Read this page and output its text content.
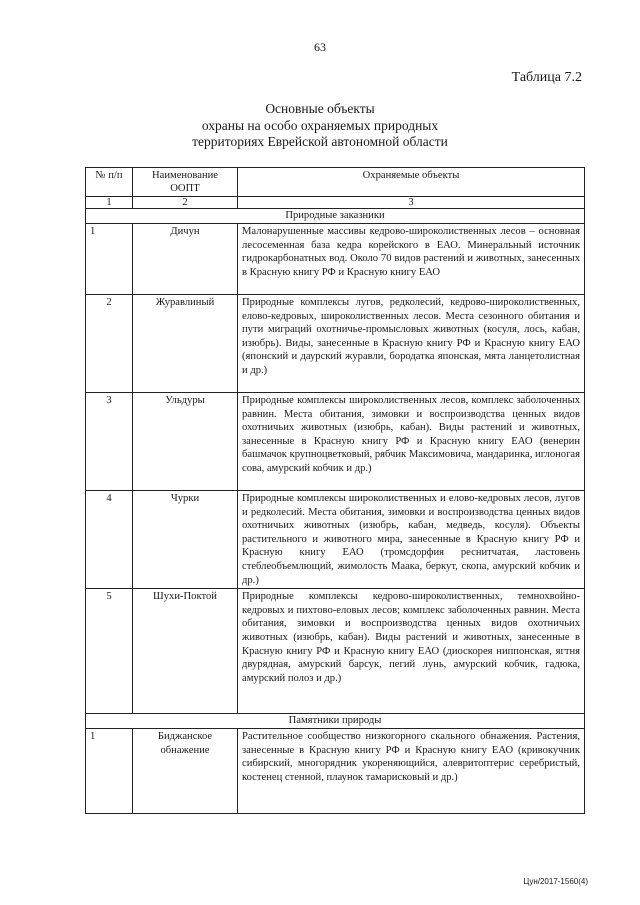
63
Таблица 7.2
Основные объекты
охраны на особо охраняемых природных
территориях Еврейской автономной области
№ п/п	Наименование ООПТ	Охраняемые объекты
1	2	3
Природные заказники		
1	Дичун	Малонарушенные массивы кедрово-широколиственных лесов – основная лесосеменная база кедра корейского в ЕАО. Минеральный источник гидрокарбонатных вод. Около 70 видов растений и животных, занесенных в Красную книгу РФ и Красную книгу ЕАО
2	Журавлиный	Природные комплексы лугов, редколесий, кедрово-широколиственных, елово-кедровых, широколиственных лесов. Места сезонного обитания и пути миграций охотничье-промысловых животных (косуля, лось, кабан, изюбрь). Виды, занесенные в Красную книгу РФ и Красную книгу ЕАО (японский и даурский журавли, бородатка японская, мята ланцетолистная и др.)
3	Ульдуры	Природные комплексы широколиственных лесов, комплекс заболоченных равнин. Места обитания, зимовки и воспроизводства ценных видов охотничьих животных (изюбрь, кабан). Виды растений и животных, занесенные в Красную книгу РФ и Красную книгу ЕАО (венерин башмачок крупноцветковый, рябчик Максимовича, мандаринка, иглоногая сова, амурский кобчик и др.)
4	Чурки	Природные комплексы широколиственных и елово-кедровых лесов, лугов и редколесий. Места обитания, зимовки и воспроизводства ценных видов охотничьих животных (изюбрь, кабан, медведь, косуля). Объекты растительного и животного мира, занесенные в Красную книгу РФ и Красную книгу ЕАО (тромсдорфия реснитчатая, ластовень стеблеобъемлющий, жимолость Маака, беркут, скопа, амурский кобчик и др.)
5	Шухи-Поктой	Природные комплексы кедрово-широколиственных, темнохвойно-кедровых и пихтово-еловых лесов; комплекс заболоченных равнин. Места обитания, зимовки и воспроизводства ценных видов охотничьих животных (изюбрь, кабан). Виды растений и животных, занесенные в Красную книгу РФ и Красную книгу ЕАО (диоскорея ниппонская, ягтня двурядная, амурский барсук, пегий лунь, амурский кобчик, гадюка, амурский полоз и др.)
Памятники природы		
1	Биджанское обнажение	Растительное сообщество низкогорного скального обнажения. Растения, занесенные в Красную книгу РФ и Красную книгу ЕАО (кривокучник сибирский, многорядник укореняющийся, алевритоптерис серебристый, костенец стенной, плаунок тамарисковый и др.)
Цун/2017-1560(4)
